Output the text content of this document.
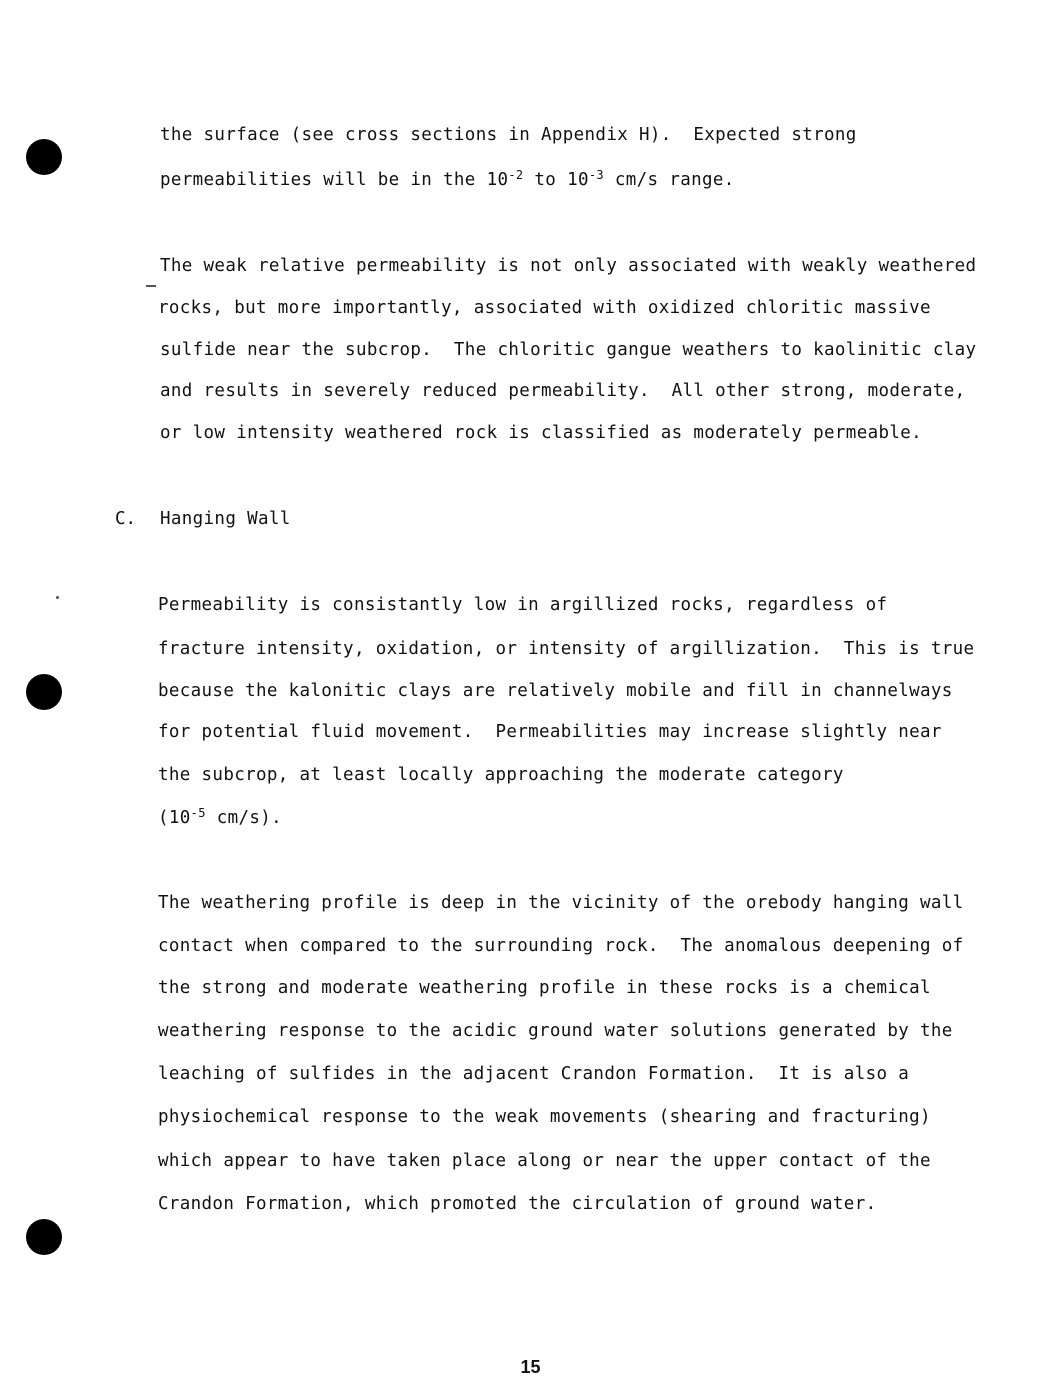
the surface (see cross sections in Appendix H).  Expected strong
permeabilities will be in the $10^{-2}$ to $10^{-3}$ cm/s range.
The weak relative permeability is not only associated with weakly weathered
rocks, but more importantly, associated with oxidized chloritic massive
sulfide near the subcrop.  The chloritic gangue weathers to kaolinitic clay
and results in severely reduced permeability.  All other strong, moderate,
or low intensity weathered rock is classified as moderately permeable.
C. Hanging Wall
Permeability is consistantly low in argillized rocks, regardless of
fracture intensity, oxidation, or intensity of argillization.  This is true
because the kalonitic clays are relatively mobile and fill in channelways
for potential fluid movement.  Permeabilities may increase slightly near
the subcrop, at least locally approaching the moderate category
($10^{-5}$ cm/s).
The weathering profile is deep in the vicinity of the orebody hanging wall
contact when compared to the surrounding rock.  The anomalous deepening of
the strong and moderate weathering profile in these rocks is a chemical
weathering response to the acidic ground water solutions generated by the
leaching of sulfides in the adjacent Crandon Formation.  It is also a
physiochemical response to the weak movements (shearing and fracturing)
which appear to have taken place along or near the upper contact of the
Crandon Formation, which promoted the circulation of ground water.
15
